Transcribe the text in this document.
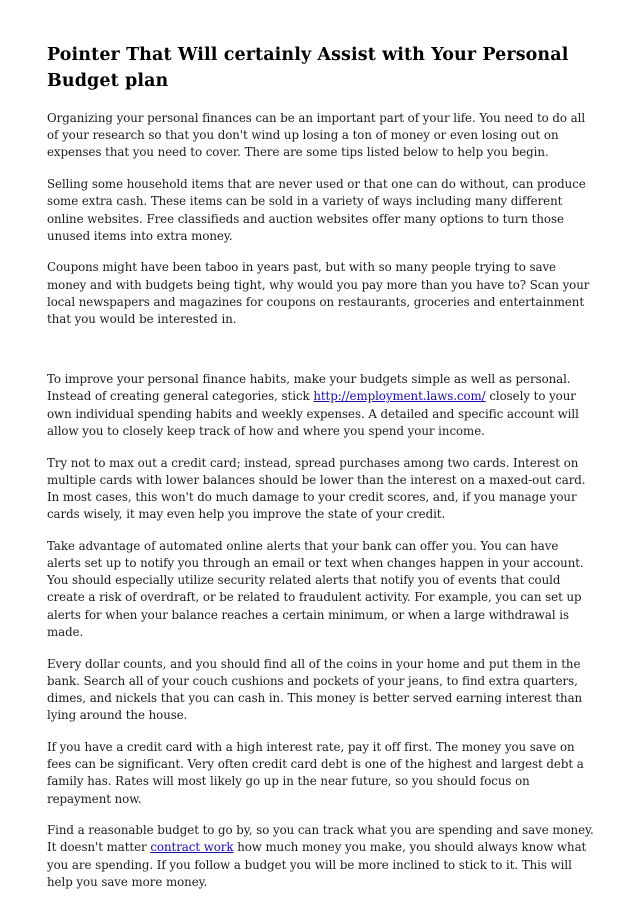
Pointer That Will certainly Assist with Your Personal Budget plan

Organizing your personal finances can be an important part of your life. You need to do all of your research so that you don't wind up losing a ton of money or even losing out on expenses that you need to cover. There are some tips listed below to help you begin.

Selling some household items that are never used or that one can do without, can produce some extra cash. These items can be sold in a variety of ways including many different online websites. Free classifieds and auction websites offer many options to turn those unused items into extra money.

Coupons might have been taboo in years past, but with so many people trying to save money and with budgets being tight, why would you pay more than you have to? Scan your local newspapers and magazines for coupons on restaurants, groceries and entertainment that you would be interested in.

To improve your personal finance habits, make your budgets simple as well as personal. Instead of creating general categories, stick http://employment.laws.com/ closely to your own individual spending habits and weekly expenses. A detailed and specific account will allow you to closely keep track of how and where you spend your income.

Try not to max out a credit card; instead, spread purchases among two cards. Interest on multiple cards with lower balances should be lower than the interest on a maxed-out card. In most cases, this won't do much damage to your credit scores, and, if you manage your cards wisely, it may even help you improve the state of your credit.

Take advantage of automated online alerts that your bank can offer you. You can have alerts set up to notify you through an email or text when changes happen in your account. You should especially utilize security related alerts that notify you of events that could create a risk of overdraft, or be related to fraudulent activity. For example, you can set up alerts for when your balance reaches a certain minimum, or when a large withdrawal is made.

Every dollar counts, and you should find all of the coins in your home and put them in the bank. Search all of your couch cushions and pockets of your jeans, to find extra quarters, dimes, and nickels that you can cash in. This money is better served earning interest than lying around the house.

If you have a credit card with a high interest rate, pay it off first. The money you save on fees can be significant. Very often credit card debt is one of the highest and largest debt a family has. Rates will most likely go up in the near future, so you should focus on repayment now.

Find a reasonable budget to go by, so you can track what you are spending and save money. It doesn't matter contract work how much money you make, you should always know what you are spending. If you follow a budget you will be more inclined to stick to it. This will help you save more money.
